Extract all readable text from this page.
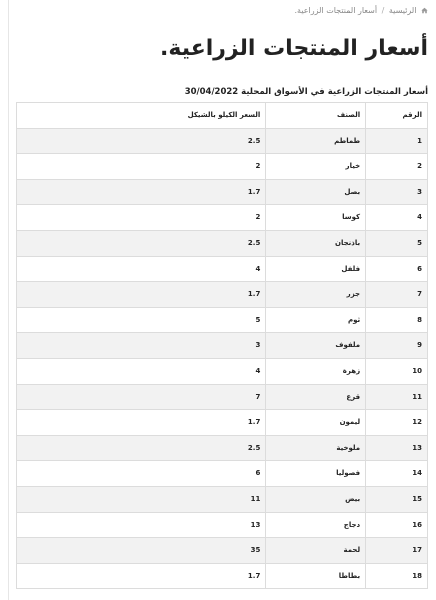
الرئيسية / أسعار المنتجات الزراعية.
أسعار المنتجات الزراعية.
أسعار المنتجات الزراعية في الأسواق المحلية 30/04/2022
الرقم	الصنف	السعر الكيلو بالشيكل
1	طماطم	2.5
2	خيار	2
3	بصل	1.7
4	كوسا	2
5	باذنجان	2.5
6	فلفل	4
7	جزر	1.7
8	ثوم	5
9	ملفوف	3
10	زهرة	4
11	قرع	7
12	ليمون	1.7
13	ملوخية	2.5
14	فصوليا	6
15	بيض	11
16	دجاج	13
17	لحمة	35
18	بطاطا	1.7
